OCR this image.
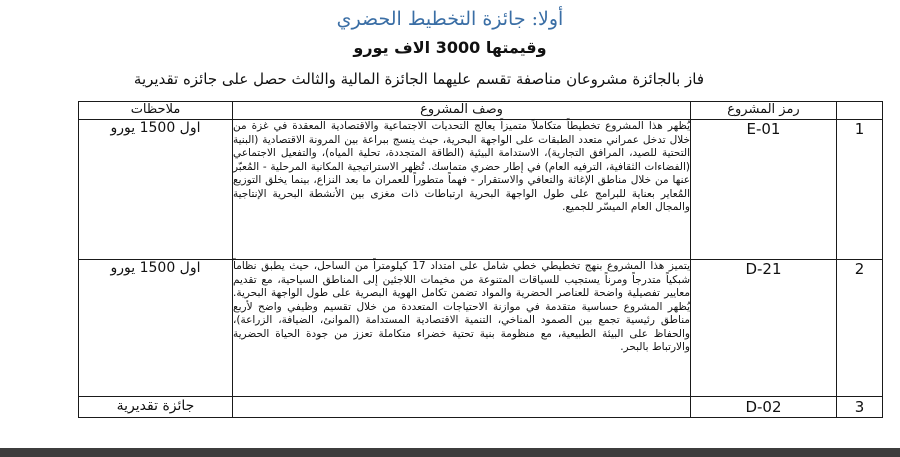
أولا: جائزة التخطيط الحضري
وقيمتها 3000 الاف يورو

فاز بالجائزة مشروعان مناصفة تقسم عليهما الجائزة المالية والثالث حصل على جائزه تقديرية

	رمز المشروع	وصف المشروع	ملاحظات
1	E-01	يُظهر هذا المشروع تخطيطاً متكاملاً متميزاً يعالج التحديات الاجتماعية والاقتصادية المعقدة في غزة من خلال تدخل عمراني متعدد الطبقات على الواجهة البحرية، حيث ينسج ببراعة بين المرونة الاقتصادية (البنية التحتية للصيد، المرافق التجارية)، الاستدامة البيئية (الطاقة المتجددة، تحلية المياه)، والتفعيل الاجتماعي (الفضاءات الثقافية، الترفيه العام) في إطار حضري متماسك. تُظهر الاستراتيجية المكانية المرحلية - المُعبّر عنها من خلال مناطق الإغاثة والتعافي والاستقرار - فهماً متطوراً للعمران ما بعد النزاع، بينما يخلق التوزيع المُعاير بعناية للبرامج على طول الواجهة البحرية ارتباطات ذات مغزى بين الأنشطة البحرية الإنتاجية والمجال العام الميسّر للجميع.	اول 1500 يورو
2	D-21	يتميز هذا المشروع بنهج تخطيطي خطي شامل على امتداد 17 كيلومتراً من الساحل، حيث يطبق نظاماً شبكياً متدرجاً ومرناً يستجيب للسياقات المتنوعة من مخيمات اللاجئين إلى المناطق السياحية، مع تقديم معايير تفصيلية واضحة للعناصر الحضرية والمواد تضمن تكامل الهوية البصرية على طول الواجهة البحرية. يُظهر المشروع حساسية متقدمة في موازنة الاحتياجات المتعددة من خلال تقسيم وظيفي واضح لأربع مناطق رئيسية تجمع بين الصمود المناخي، التنمية الاقتصادية المستدامة (الموانئ، الضيافة، الزراعة)، والحفاظ على البيئة الطبيعية، مع منظومة بنية تحتية خضراء متكاملة تعزز من جودة الحياة الحضرية والارتباط بالبحر.	اول 1500 يورو
3	D-02		جائزة تقديرية
